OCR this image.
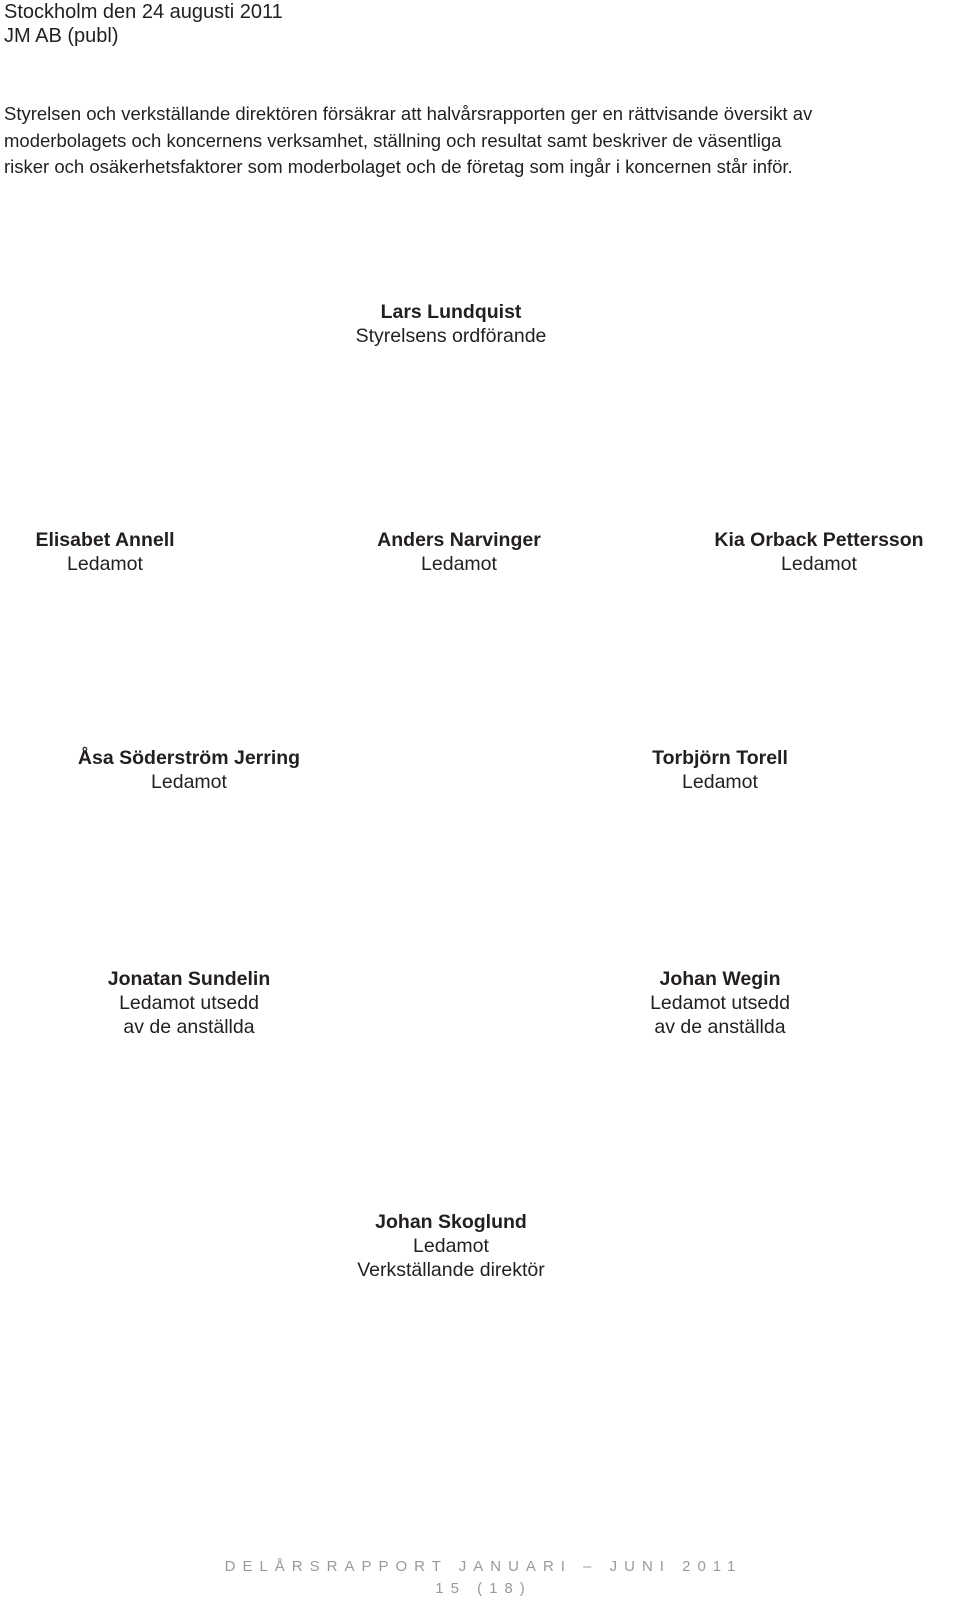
Stockholm den 24 augusti 2011
JM AB (publ)

Styrelsen och verkställande direktören försäkrar att halvårsrapporten ger en rättvisande översikt av
moderbolagets och koncernens verksamhet, ställning och resultat samt beskriver de väsentliga
risker och osäkerhetsfaktorer som moderbolaget och de företag som ingår i koncernen står inför.

Lars Lundquist
Styrelsens ordförande
Elisabet Annell
Ledamot
Anders Narvinger
Ledamot
Kia Orback Pettersson
Ledamot
Åsa Söderström Jerring
Ledamot
Torbjörn Torell
Ledamot
Jonatan Sundelin
Ledamot utsedd
av de anställda
Johan Wegin
Ledamot utsedd
av de anställda
Johan Skoglund
Ledamot
Verkställande direktör
DELÅRSRAPPORT JANUARI – JUNI 2011
15 (18)
